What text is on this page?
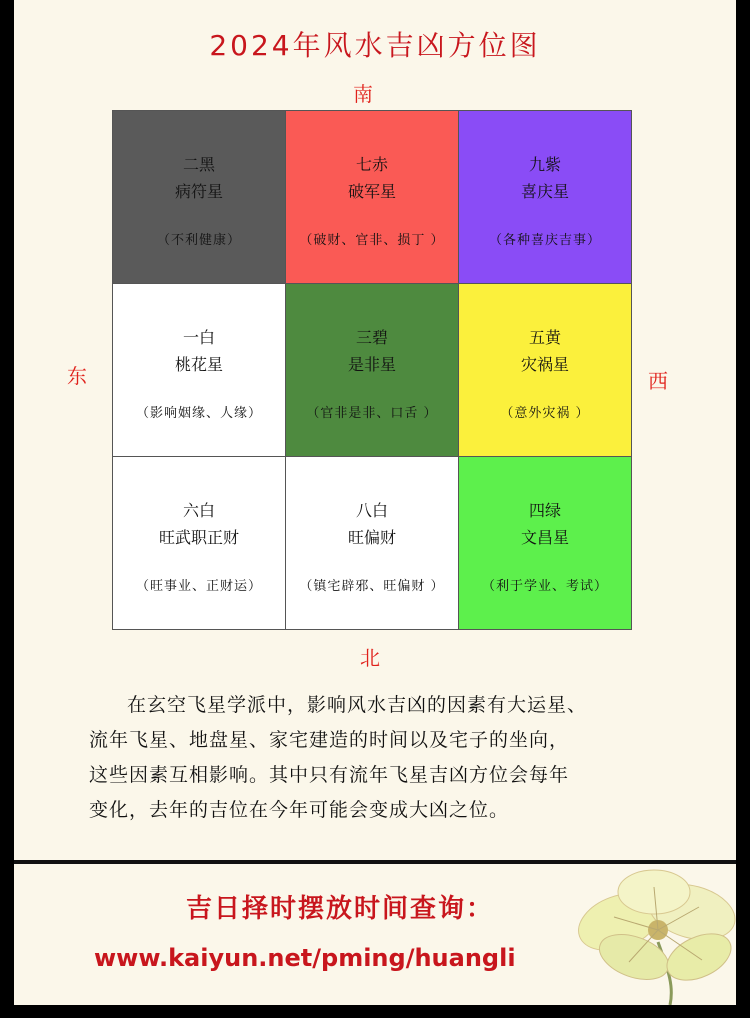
2024年风水吉凶方位图
南
东	西
北
二黑
病符星
（不利健康）
七赤
破军星
（破财、官非、损丁 ）
九紫
喜庆星
（各种喜庆吉事）
一白
桃花星
（影响姻缘、人缘）
三碧
是非星
（官非是非、口舌 ）
五黄
灾祸星
（意外灾祸 ）
六白
旺武职正财
（旺事业、正财运）
八白
旺偏财
（镇宅辟邪、旺偏财 ）
四绿
文昌星
（利于学业、考试）

在玄空飞星学派中，影响风水吉凶的因素有大运星、

流年飞星、地盘星、家宅建造的时间以及宅子的坐向，

这些因素互相影响。其中只有流年飞星吉凶方位会每年

变化，去年的吉位在今年可能会变成大凶之位。

吉日择时摆放时间查询：
www.kaiyun.net/pming/huangli
